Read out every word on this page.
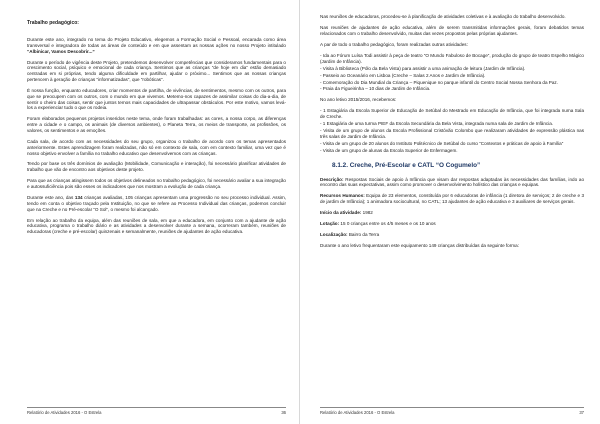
Trabalho pedagógico:

Durante este ano, integrado no tema do Projeto Educativo, elegemos a Formação Social e Pessoal, encarada como área transversal e integradora de todas as áreas de conteúdo e em que assentam as nossas ações no nosso Projeto intitulado “Albinicar, Vamos Descobrir...”

Durante o período de vigência deste Projeto, pretendemos desenvolver competências que consideramos fundamentais para o crescimento social, psíquico e emocional de cada criança. Sentimos que as crianças “de hoje em dia” estão demasiado centradas em si próprias, tendo alguma dificuldade em partilhar, ajudar o próximo... Sentimos que as nossas crianças pertencem à geração de crianças “informatizadas”, que “robóticas”.

É nossa função, enquanto educadores, criar momentos de partilha, de vivências, de sentimentos, mesmo com os outros, para que se preocupem com os outros, com o mundo em que vivemos. Metemo-nos capazes de assimilar coisas do dia-a-dia, de sentir o cheiro das coisas, sentir que juntos temos mais capacidades de ultrapassar obstáculos. Por este motivo, vamos levá-los a experienciar tudo o que os rodeia.

Foram elaborados pequenos projetos inseridos neste tema, onde foram trabalhadas: as cores, a nossa corpo, as diferenças entre a cidade e o campo, os animais (de diversos ambientes), o Planeta Terra, os meios de transporte, as profissões, os valores, os sentimentos e as emoções.

Cada sala, de acordo com as necessidades do seu grupo, organizou o trabalho de acordo com os temas apresentados anteriormente. Estes aprendizagem foram realizadas, não só em contexto de sala, com em contexto familiar, uma vez que é nosso objetivo envolver a família no trabalho educativo que desenvolvemos com as crianças.

Tendo por base os três domínios de avaliação (Mobilidade, Comunicação e interação), foi necessário planificar atividades de trabalho que vão de encontro aos objetivos deste projeto.

Para que as crianças atingissem todos os objetivos delineados no trabalho pedagógico, foi necessário avaliar a sua integração e autossuficiência pois são esses os indicadores que nos mostram a evolução de cada criança.

Durante este ano, das 134 crianças avaliadas, 105 crianças apresentam uma progressão no seu processo individual. Assim, tendo em conta o objetivo traçado pela Instituição, no que se refere ao Processo Individual das crianças, podemos concluir que na Creche e no Pré-escolar “O Sol”, o mesmo foi alcançado.

Em relação ao trabalho da equipa, além das reuniões de sala, em que a educadora, em conjunto com a ajudante de ação educativa, programa o trabalho diário e as atividades a desenvolver durante a semana, ocorreram também, reuniões de educadoras (creche e pré-escolar) quinzenais e semanalmente, reuniões de ajudantes de ação educativa.

Relatório de Atividades 2016 - O Estrela	36

Nas reuniões de educadoras, procedeu-se à planificação de atividades coletivas e à avaliação do trabalho desenvolvido.

Nas reuniões de ajudantes de ação educativa, além de serem transmitidas informações gerais, foram debatidos temas relacionados com o trabalho desenvolvido, muitas das vezes propostos pelas próprias ajudantes.

A par de todo o trabalho pedagógico, foram realizadas outras atividades:

- Ida ao Fórum Luísa Todi assistir à peça de teatro “O Mundo Fabuloso de Bocage”, produção do grupo de teatro Espelho Mágico (Jardim de Infância).

- Visita à Biblioteca (Pólo da Bela Vista) para assistir a uma animação de leitura (Jardim de Infância).

- Passeio ao Oceanário em Lisboa (Creche – Salas 2 Anos e Jardim de Infância).

- Comemoração do Dia Mundial da Criança – Piquenique no parque infantil do Centro Social Nossa Senhora da Paz.

- Praia da Figueirinha – 10 dias de Jardim de Infância.

No ano letivo 2015/2016, recebemos:

- 1 Estagiária da Escola Superior de Educação de Setúbal do Mestrado em Educação de Infância, que foi integrada numa Sala de Creche.

- 1 Estagiária de uma turma PIEF da Escola Secundária da Bela Vista, integrada numa sala de Jardim de Infância.

- Visita de um grupo de alunos da Escola Profissional Cristóvão Colombo que realizaram atividades de expressão plástica nas três salas de Jardim de Infância.

- Visita de um grupo de 20 alunos do Instituto Politécnico de Setúbal do curso “Contextos e práticas de apoio à Família”

- Visita de um grupo de alunas da Escola Superior de Enfermagem.

8.1.2. Creche, Pré-Escolar e CATL “O Cogumelo”

Descrição: Respostas Sociais de apoio à Infância que visam dar respostas adaptadas às necessidades das famílias, indo ao encontro das suas expectativas, assim como promover o desenvolvimento holístico das crianças e equipas.

Recursos Humanos: Equipa de 23 elementos, constituída por 6 educadoras de infância (1 diretora de serviços; 2 de creche e 3 de jardim de Infância); 1 animadora sociocultural, no CATL; 13 ajudantes de ação educativa e 3 auxiliares de serviços gerais.

Início da atividade: 1982

Lotação: 15 0 crianças entre os 4/5 meses e os 10 anos

Localização: Bairro da Terra

Durante o ano letivo frequentaram este equipamento 149 crianças distribuídas da seguinte forma:

Relatório de Atividades 2016 - O Estrela	37
